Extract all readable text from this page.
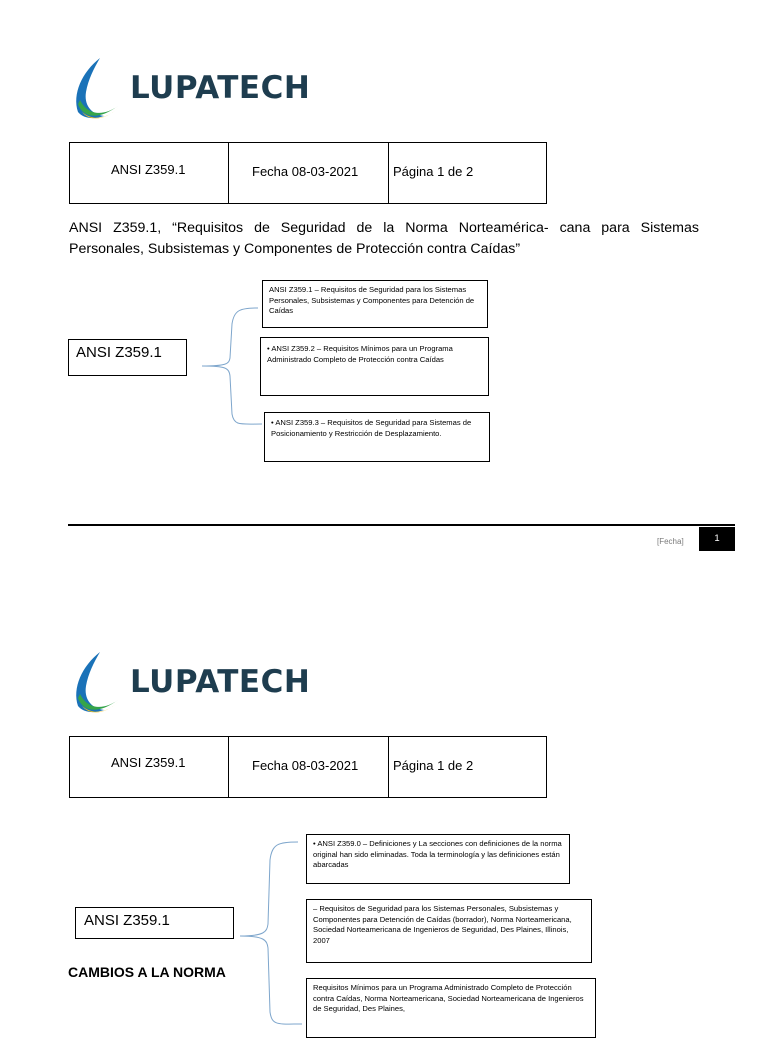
LUPATECH
ANSI Z359.1	Fecha 08-03-2021	Página 1 de 2
ANSI Z359.1, “Requisitos de Seguridad de la Norma Norteamérica- cana para Sistemas Personales, Subsistemas y Componentes de Protección contra Caídas”
ANSI Z359.1
ANSI Z359.1 – Requisitos de Seguridad para los Sistemas Personales, Subsistemas y Componentes para Detención de Caídas
• ANSI Z359.2 – Requisitos Mínimos para un Programa Administrado Completo de Protección contra Caídas
• ANSI Z359.3 – Requisitos de Seguridad para Sistemas de Posicionamiento y Restricción de Desplazamiento.
[Fecha]	1
LUPATECH
ANSI Z359.1	Fecha 08-03-2021	Página 1 de 2
ANSI Z359.1
CAMBIOS A LA NORMA
• ANSI Z359.0 – Definiciones y La secciones con definiciones de la norma original han sido eliminadas. Toda la terminología y las definiciones están abarcadas
– Requisitos de Seguridad para los Sistemas Personales, Subsistemas y Componentes para Detención de Caídas (borrador), Norma Norteamericana, Sociedad Norteamericana de Ingenieros de Seguridad, Des Plaines, Illinois, 2007
Requisitos Mínimos para un Programa Administrado Completo de Protección contra Caídas, Norma Norteamericana, Sociedad Norteamericana de Ingenieros de Seguridad, Des Plaines,
